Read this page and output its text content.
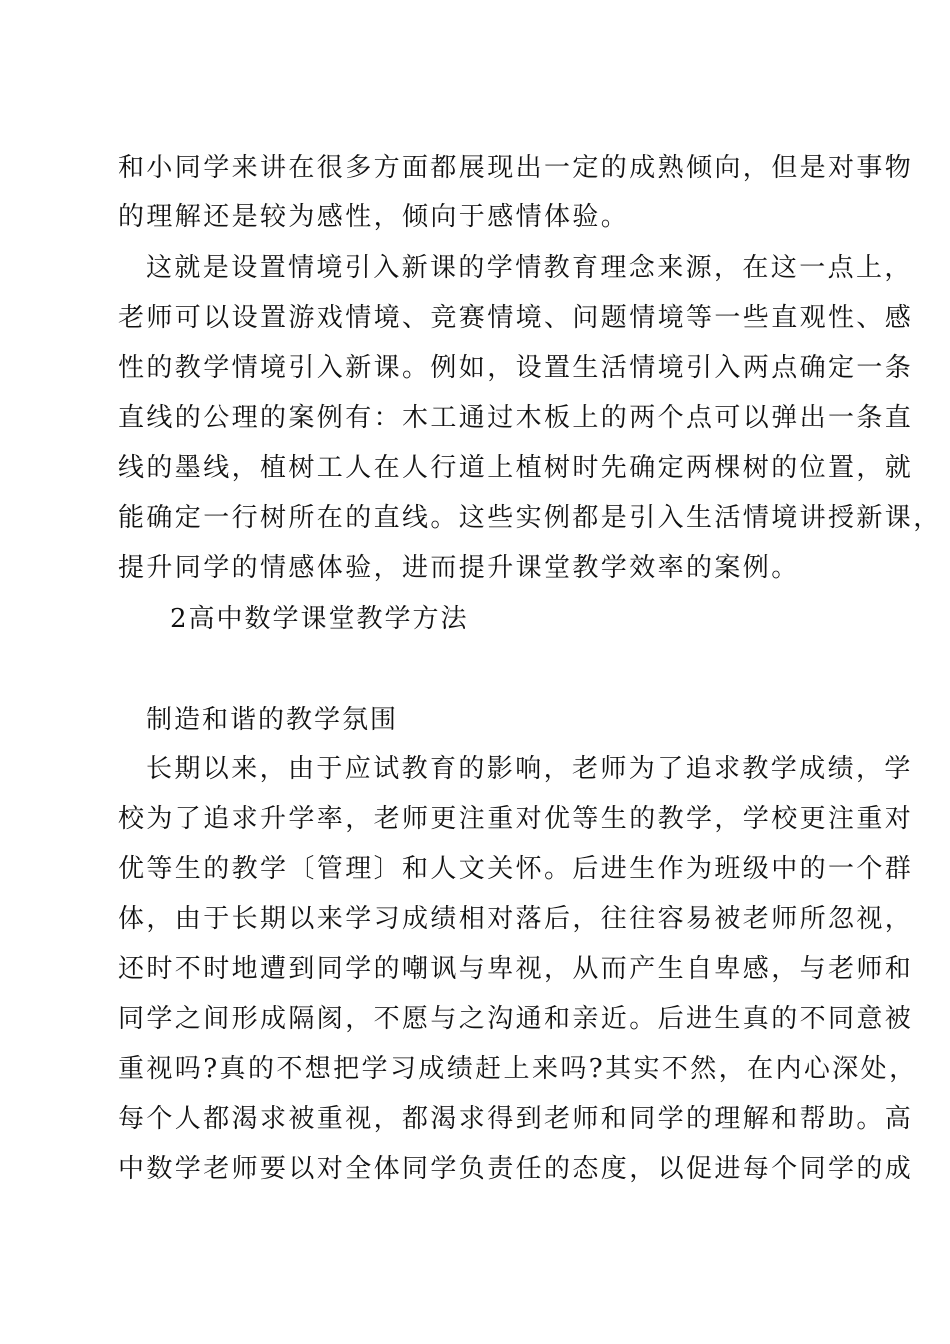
和小同学来讲在很多方面都展现出一定的成熟倾向，但是对事物
的理解还是较为感性，倾向于感情体验。
这就是设置情境引入新课的学情教育理念来源，在这一点上，
老师可以设置游戏情境、竞赛情境、问题情境等一些直观性、感
性的教学情境引入新课。例如，设置生活情境引入两点确定一条
直线的公理的案例有：木工通过木板上的两个点可以弹出一条直
线的墨线，植树工人在人行道上植树时先确定两棵树的位置，就
能确定一行树所在的直线。这些实例都是引入生活情境讲授新课，
提升同学的情感体验，进而提升课堂教学效率的案例。
2高中数学课堂教学方法
制造和谐的教学氛围
长期以来，由于应试教育的影响，老师为了追求教学成绩，学
校为了追求升学率，老师更注重对优等生的教学，学校更注重对
优等生的教学〔管理〕和人文关怀。后进生作为班级中的一个群
体，由于长期以来学习成绩相对落后，往往容易被老师所忽视，
还时不时地遭到同学的嘲讽与卑视，从而产生自卑感，与老师和
同学之间形成隔阂，不愿与之沟通和亲近。后进生真的不同意被
重视吗?真的不想把学习成绩赶上来吗?其实不然，在内心深处，
每个人都渴求被重视，都渴求得到老师和同学的理解和帮助。高
中数学老师要以对全体同学负责任的态度，以促进每个同学的成
